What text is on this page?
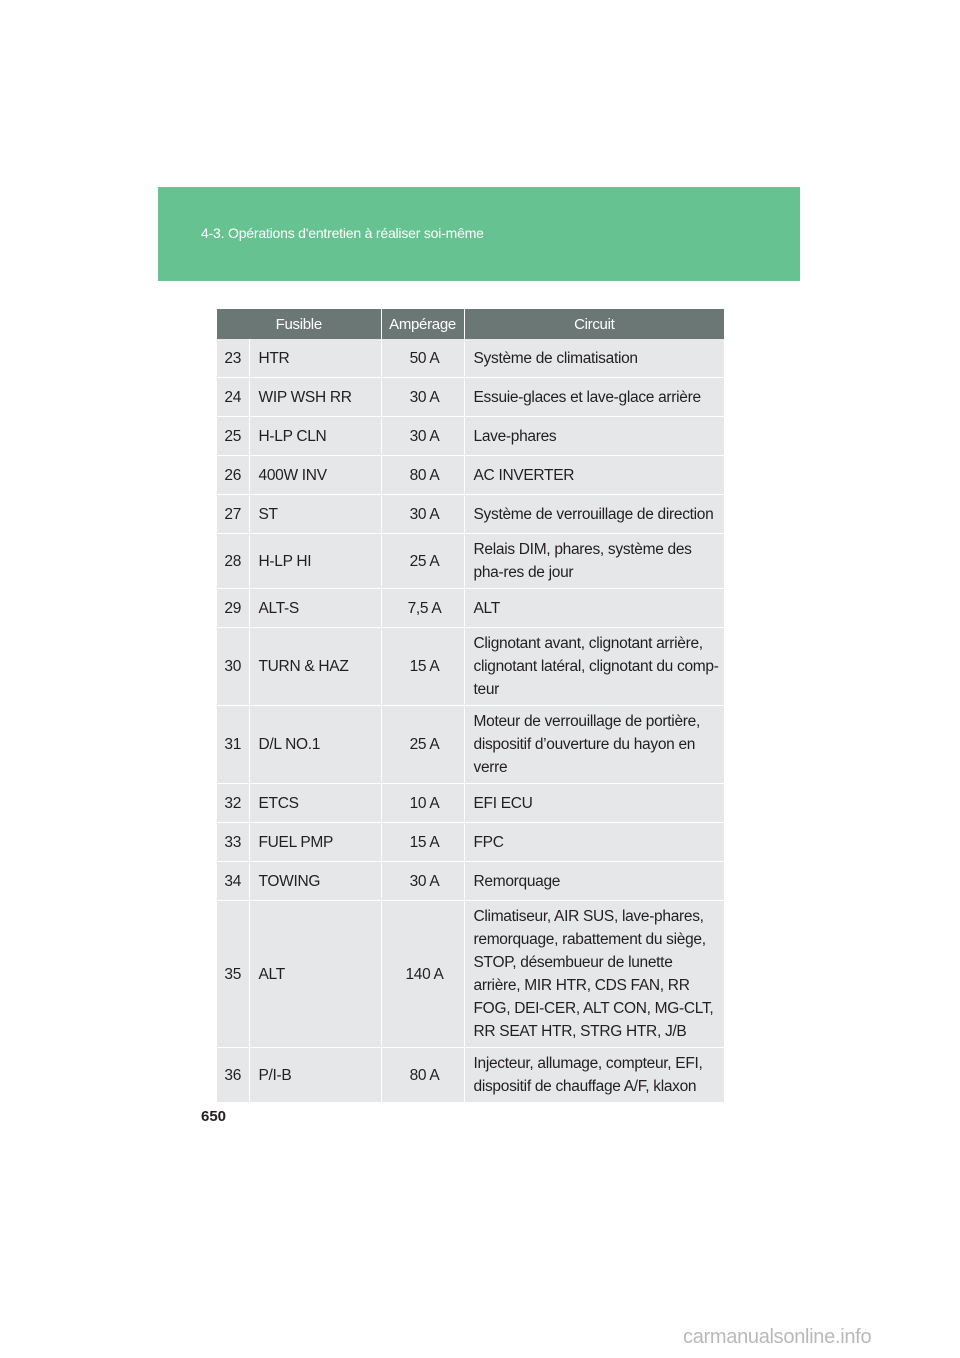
4-3. Opérations d'entretien à réaliser soi-même
Fusible		Ampérage	Circuit
23	HTR	50 A	Système de climatisation
24	WIP WSH RR	30 A	Essuie-glaces et lave-glace arrière
25	H-LP CLN	30 A	Lave-phares
26	400W INV	80 A	AC INVERTER
27	ST	30 A	Système de verrouillage de direction
28	H-LP HI	25 A	Relais DIM, phares, système des pha-res de jour
29	ALT-S	7,5 A	ALT
30	TURN & HAZ	15 A	Clignotant avant, clignotant arrière, clignotant latéral, clignotant du comp-teur
31	D/L NO.1	25 A	Moteur de verrouillage de portière, dispositif d’ouverture du hayon en verre
32	ETCS	10 A	EFI ECU
33	FUEL PMP	15 A	FPC
34	TOWING	30 A	Remorquage
35	ALT	140 A	Climatiseur, AIR SUS, lave-phares, remorquage, rabattement du siège, STOP, désembueur de lunette arrière, MIR HTR, CDS FAN, RR FOG, DEI-CER, ALT CON, MG-CLT, RR SEAT HTR, STRG HTR, J/B
36	P/I-B	80 A	Injecteur, allumage, compteur, EFI, dispositif de chauffage A/F, klaxon
650
carmanualsonline.info
